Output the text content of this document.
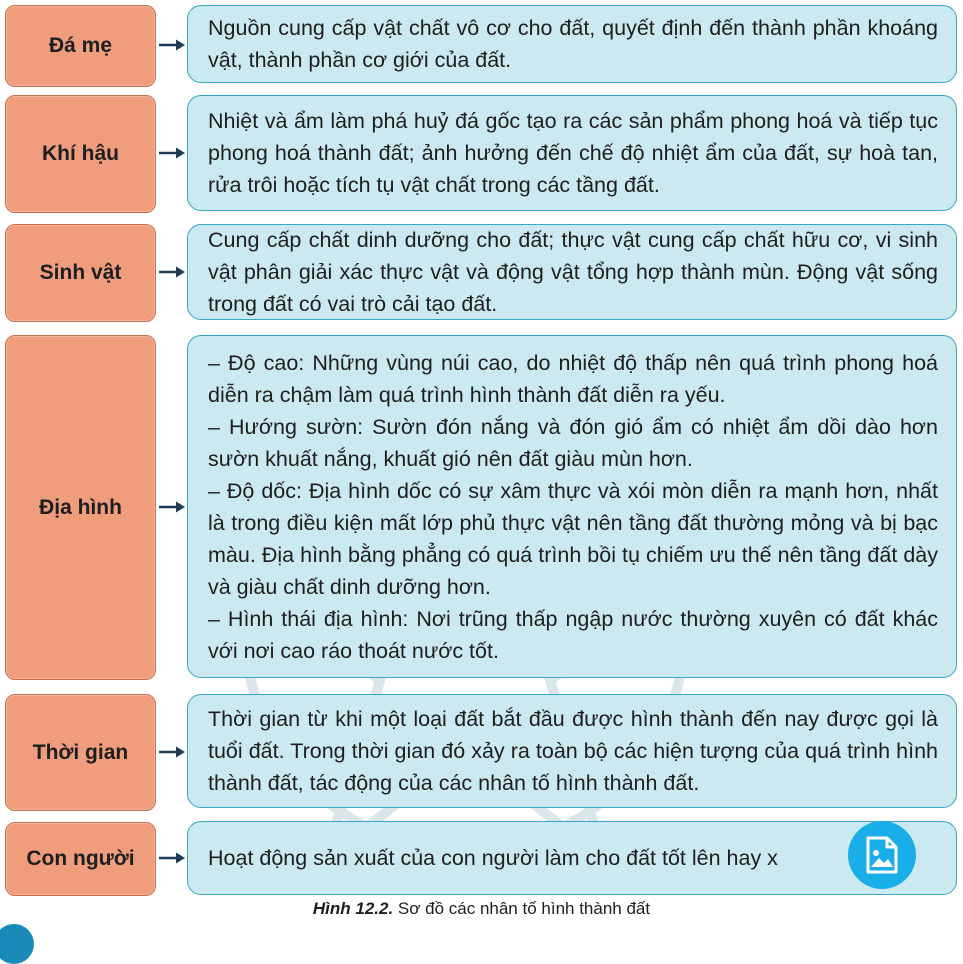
Đá mẹ

Nguồn cung cấp vật chất vô cơ cho đất, quyết định đến thành phần khoáng vật, thành phần cơ giới của đất.

Khí hậu

Nhiệt và ẩm làm phá huỷ đá gốc tạo ra các sản phẩm phong hoá và tiếp tục phong hoá thành đất; ảnh hưởng đến chế độ nhiệt ẩm của đất, sự hoà tan, rửa trôi hoặc tích tụ vật chất trong các tầng đất.

Sinh vật

Cung cấp chất dinh dưỡng cho đất; thực vật cung cấp chất hữu cơ, vi sinh vật phân giải xác thực vật và động vật tổng hợp thành mùn. Động vật sống trong đất có vai trò cải tạo đất.

Địa hình

– Độ cao: Những vùng núi cao, do nhiệt độ thấp nên quá trình phong hoá diễn ra chậm làm quá trình hình thành đất diễn ra yếu.

– Hướng sườn: Sườn đón nắng và đón gió ẩm có nhiệt ẩm dồi dào hơn sườn khuất nắng, khuất gió nên đất giàu mùn hơn.

– Độ dốc: Địa hình dốc có sự xâm thực và xói mòn diễn ra mạnh hơn, nhất là trong điều kiện mất lớp phủ thực vật nên tầng đất thường mỏng và bị bạc màu. Địa hình bằng phẳng có quá trình bồi tụ chiếm ưu thế nên tầng đất dày và giàu chất dinh dưỡng hơn.

– Hình thái địa hình: Nơi trũng thấp ngập nước thường xuyên có đất khác với nơi cao ráo thoát nước tốt.

Thời gian

Thời gian từ khi một loại đất bắt đầu được hình thành đến nay được gọi là tuổi đất. Trong thời gian đó xảy ra toàn bộ các hiện tượng của quá trình hình thành đất, tác động của các nhân tố hình thành đất.

Con người	Hoạt động sản xuất của con người làm cho đất tốt lên hay x

Hình 12.2. Sơ đồ các nhân tố hình thành đất
